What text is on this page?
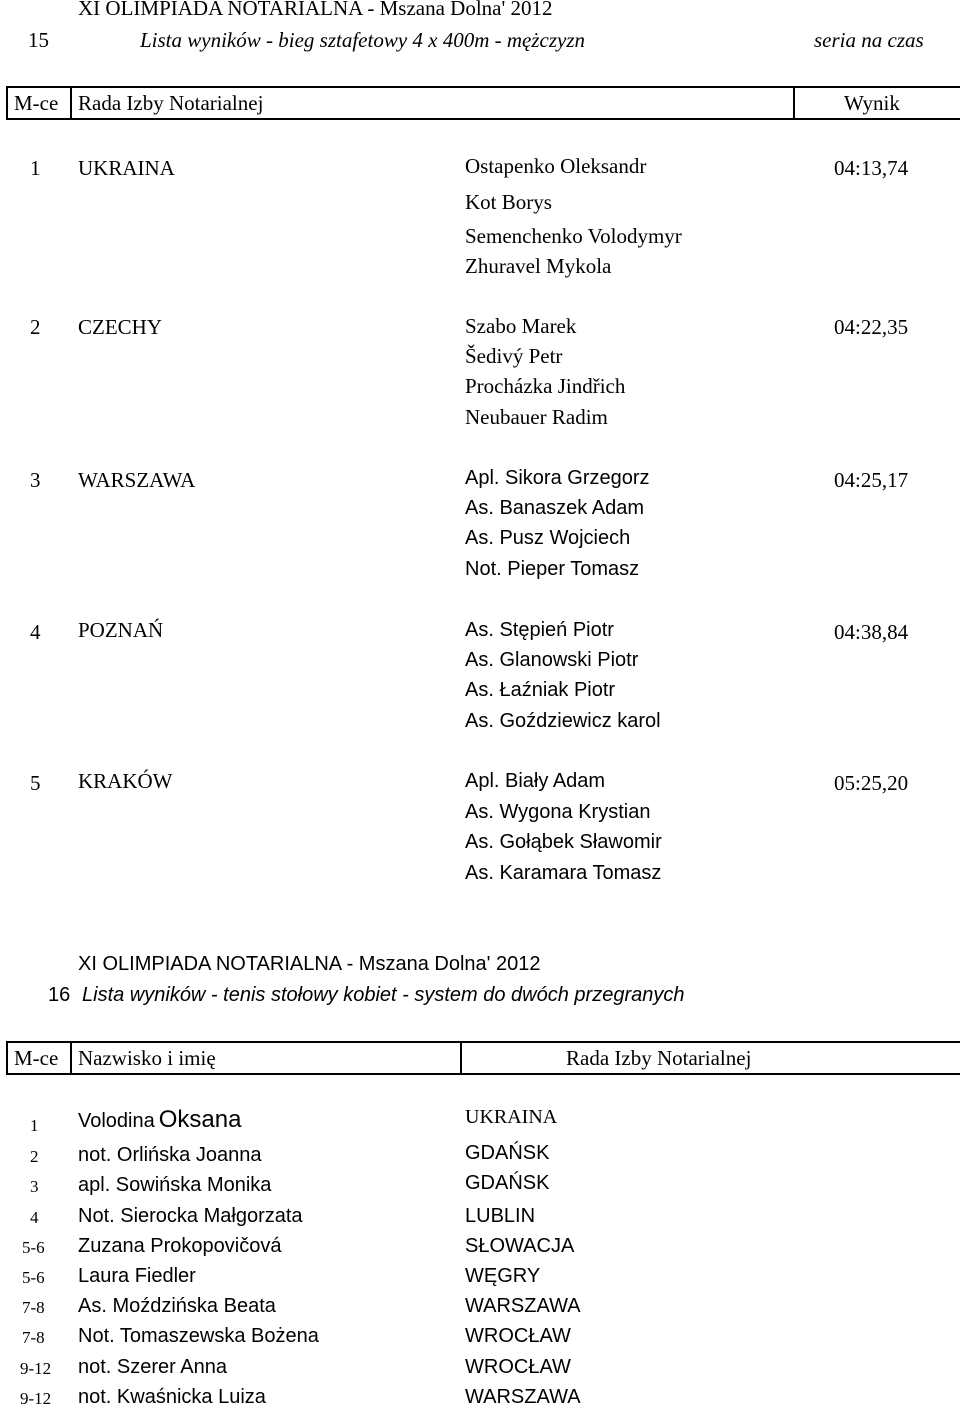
XI OLIMPIADA NOTARIALNA - Mszana Dolna' 2012
15	Lista wyników - bieg sztafetowy 4 x 400m - mężczyzn	seria na czas
M-ce Rada Izby Notarialnej	Wynik
1 UKRAINA	Ostapenko Oleksandr	04:13,74
Kot Borys
Semenchenko Volodymyr
Zhuravel Mykola
2 CZECHY	Szabo Marek	04:22,35
Šedivý Petr
Procházka Jindřich
Neubauer Radim
3 WARSZAWA	Apl. Sikora Grzegorz	04:25,17
As. Banaszek Adam
As. Pusz Wojciech
Not. Pieper Tomasz
4 POZNAŃ	As. Stępień Piotr	04:38,84
As. Glanowski Piotr
As. Łaźniak Piotr
As. Goździewicz karol
5 KRAKÓW	Apl. Biały Adam	05:25,20
As. Wygona Krystian
As. Gołąbek Sławomir
As. Karamara Tomasz
XI OLIMPIADA NOTARIALNA - Mszana Dolna' 2012
16 Lista wyników - tenis stołowy kobiet - system do dwóch przegranych
M-ce Nazwisko i imię	Rada Izby Notarialnej
1 Volodina Oksana	UKRAINA
2 not. Orlińska Joanna	GDAŃSK
3 apl. Sowińska Monika	GDAŃSK
4 Not. Sierocka Małgorzata	LUBLIN
5-6 Zuzana Prokopovičová	SŁOWACJA
5-6 Laura Fiedler	WĘGRY
7-8 As. Moździńska Beata	WARSZAWA
7-8 Not. Tomaszewska Bożena	WROCŁAW
9-12 not. Szerer Anna	WROCŁAW
9-12 not. Kwaśnicka Luiza	WARSZAWA
